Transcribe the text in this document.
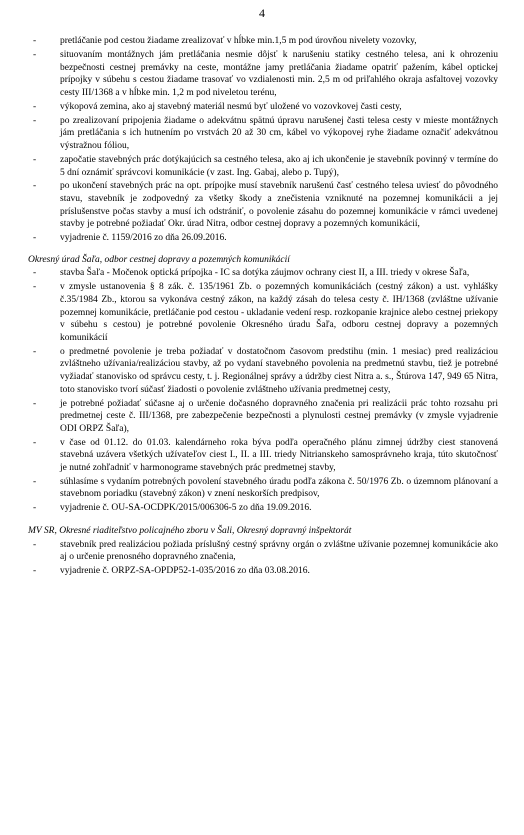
4
- pretláčanie pod cestou žiadame zrealizovať v hĺbke min.1,5 m pod úrovňou nivelety vozovky,
- situovaním montážnych jám pretláčania nesmie dôjsť k narušeniu statiky cestného telesa, ani k ohrozeniu bezpečnosti cestnej premávky na ceste, montážne jamy pretláčania žiadame opatriť pažením, kábel optickej prípojky v súbehu s cestou žiadame trasovať vo vzdialenosti min. 2,5 m od priľahlého okraja asfaltovej vozovky cesty III/1368 a v hĺbke min. 1,2 m pod niveletou terénu,
- výkopová zemina, ako aj stavebný materiál nesmú byť uložené vo vozovkovej časti cesty,
- po zrealizovaní pripojenia žiadame o adekvátnu spätnú úpravu narušenej časti telesa cesty v mieste montážnych jám pretláčania s ich hutnením po vrstvách 20 až 30 cm, kábel vo výkopovej ryhe žiadame označiť adekvátnou výstražnou fóliou,
- započatie stavebných prác dotýkajúcich sa cestného telesa, ako aj ich ukončenie je stavebník povinný v termíne do 5 dní oznámiť správcovi komunikácie (v zast. Ing. Gabaj, alebo p. Tupý),
- po ukončení stavebných prác na opt. prípojke musí stavebník narušenú časť cestného telesa uviesť do pôvodného stavu, stavebník je zodpovedný za všetky škody a znečistenia vzniknuté na pozemnej komunikácii a jej príslušenstve počas stavby a musí ich odstrániť, o povolenie zásahu do pozemnej komunikácie v rámci uvedenej stavby je potrebné požiadať Okr. úrad Nitra, odbor cestnej dopravy a pozemných komunikácií,
- vyjadrenie č. 1159/2016 zo dňa 26.09.2016.
Okresný úrad Šaľa, odbor cestnej dopravy a pozemných komunikácií
- stavba Šaľa - Močenok optická prípojka - IC sa dotýka záujmov ochrany ciest II, a III. triedy v okrese Šaľa,
- v zmysle ustanovenia § 8 zák. č. 135/1961 Zb. o pozemných komunikáciách (cestný zákon) a ust. vyhlášky č.35/1984 Zb., ktorou sa vykonáva cestný zákon, na každý zásah do telesa cesty č. IH/1368 (zvláštne užívanie pozemnej komunikácie, pretláčanie pod cestou - ukladanie vedení resp. rozkopanie krajnice alebo cestnej priekopy v súbehu s cestou) je potrebné povolenie Okresného úradu Šaľa, odboru cestnej dopravy a pozemných komunikácií
- o predmetné povolenie je treba požiadať v dostatočnom časovom predstihu (min. 1 mesiac) pred realizáciou zvláštneho užívania/realizáciou stavby, až po vydaní stavebného povolenia na predmetnú stavbu, tiež je potrebné vyžiadať stanovisko od správcu cesty, t. j. Regionálnej správy a údržby ciest Nitra a. s., Štúrova 147, 949 65 Nitra, toto stanovisko tvorí súčasť žiadosti o povolenie zvláštneho užívania predmetnej cesty,
- je potrebné požiadať súčasne aj o určenie dočasného dopravného značenia pri realizácii prác tohto rozsahu pri predmetnej ceste č. III/1368, pre zabezpečenie bezpečnosti a plynulosti cestnej premávky (v zmysle vyjadrenie ODI ORPZ Šaľa),
- v čase od 01.12. do 01.03. kalendárneho roka býva podľa operačného plánu zimnej údržby ciest stanovená stavebná uzávera všetkých užívateľov ciest I., II. a III. triedy Nitrianskeho samosprávneho kraja, túto skutočnosť je nutné zohľadniť v harmonograme stavebných prác predmetnej stavby,
- súhlasíme s vydaním potrebných povolení stavebného úradu podľa zákona č. 50/1976 Zb. o územnom plánovaní a stavebnom poriadku (stavebný zákon) v znení neskorších predpisov,
- vyjadrenie č. OU-SA-OCDPK/2015/006306-5 zo dňa 19.09.2016.
MV SR, Okresné riaditeľstvo policajného zboru v Šali, Okresný dopravný inšpektorát
- stavebník pred realizáciou požiada príslušný cestný správny orgán o zvláštne užívanie pozemnej komunikácie ako aj o určenie prenosného dopravného značenia,
- vyjadrenie č. ORPZ-SA-OPDP52-1-035/2016 zo dňa 03.08.2016.
